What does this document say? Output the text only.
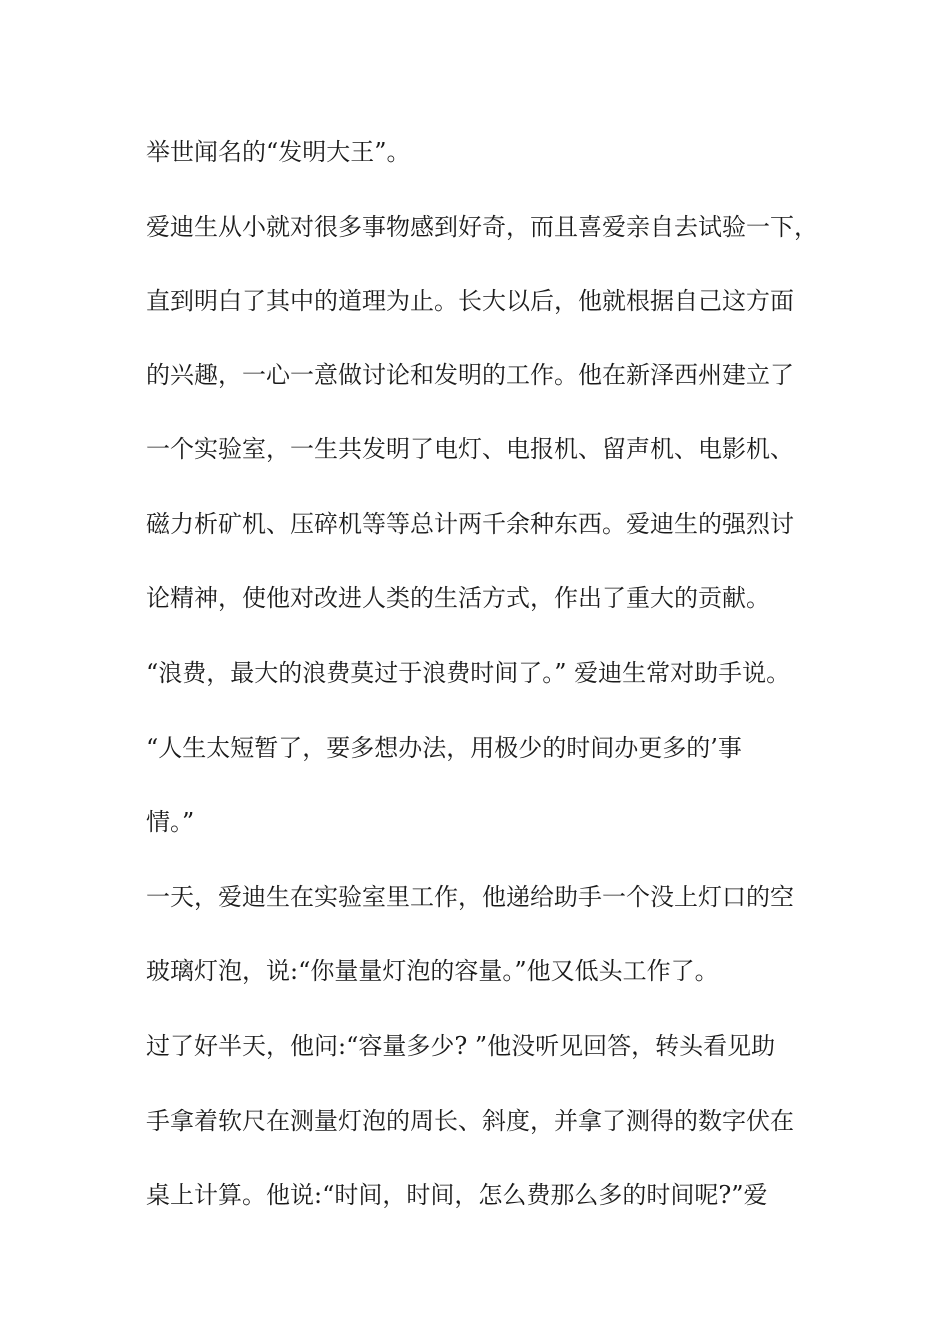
举世闻名的“发明大王”。
爱迪生从小就对很多事物感到好奇，而且喜爱亲自去试验一下，
直到明白了其中的道理为止。长大以后，他就根据自己这方面
的兴趣，一心一意做讨论和发明的工作。他在新泽西州建立了
一个实验室，一生共发明了电灯、电报机、留声机、电影机、
磁力析矿机、压碎机等等总计两千余种东西。爱迪生的强烈讨
论精神，使他对改进人类的生活方式，作出了重大的贡献。
“浪费，最大的浪费莫过于浪费时间了。” 爱迪生常对助手说。
“人生太短暂了，要多想办法，用极少的时间办更多的’事
情。”
一天，爱迪生在实验室里工作，他递给助手一个没上灯口的空
玻璃灯泡，说:“你量量灯泡的容量。”他又低头工作了。
过了好半天，他问:“容量多少? ”他没听见回答，转头看见助
手拿着软尺在测量灯泡的周长、斜度，并拿了测得的数字伏在
桌上计算。他说:“时间，时间，怎么费那么多的时间呢?”爱
